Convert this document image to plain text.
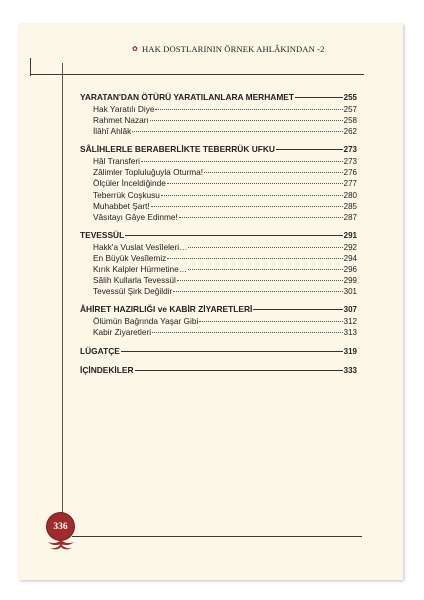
✿ HAK DOSTLARININ ÖRNEK AHLÂKINDAN -2
336
YARATAN'DAN ÖTÜRÜ YARATILANLARA MERHAMET	255
Hak Yaratılı Diye	257
Rahmet Nazarı	258
İlâhî Ahlâk	262
SÂLİHLERLE BERABERLİKTE TEBERRÜK UFKU	273
Hâl Transferi	273
Zâlimler Topluluğuyla Oturma!	276
Ölçüler İnceldiğinde	277
Teberrük Coşkusu	280
Muhabbet Şart!	285
Vâsıtayı Gâye Edinme!	287
TEVESSÜL	291
Hakk'a Vuslat Vesîleleri…	292
En Büyük Vesîlemiz	294
Kırık Kalpler Hürmetine…	296
Sâlih Kullarla Tevessül	299
Tevessül Şirk Değildir	301
ÂHİRET HAZIRLIĞI ve KABİR ZİYARETLERİ	307
Ölümün Bağrında Yaşar Gibi	312
Kabir Ziyaretleri	313
LÜGATÇE	319
İÇİNDEKİLER	333
